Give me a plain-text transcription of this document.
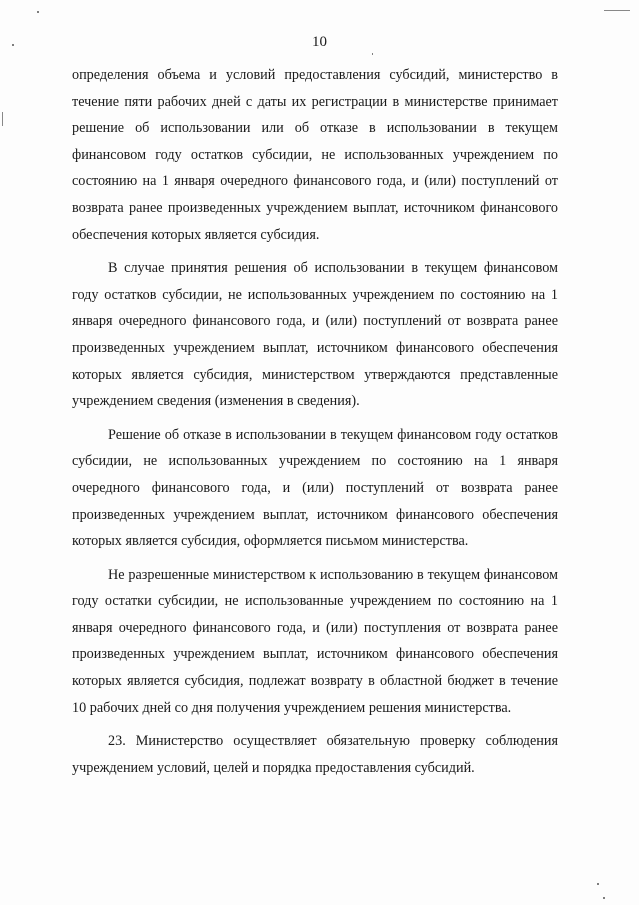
10

определения объема и условий предоставления субсидий, министерство в течение пяти рабочих дней с даты их регистрации в министерстве принимает решение об использовании или об отказе в использовании в текущем финансовом году остатков субсидии, не использованных учреждением по состоянию на 1 января очередного финансового года, и (или) поступлений от возврата ранее произведенных учреждением выплат, источником финансового обеспечения которых является субсидия.

В случае принятия решения об использовании в текущем финансовом году остатков субсидии, не использованных учреждением по состоянию на 1 января очередного финансового года, и (или) поступлений от возврата ранее произведенных учреждением выплат, источником финансового обеспечения которых является субсидия, министерством утверждаются представленные учреждением сведения (изменения в сведения).

Решение об отказе в использовании в текущем финансовом году остатков субсидии, не использованных учреждением по состоянию на 1 января очередного финансового года, и (или) поступлений от возврата ранее произведенных учреждением выплат, источником финансового обеспечения которых является субсидия, оформляется письмом министерства.

Не разрешенные министерством к использованию в текущем финансовом году остатки субсидии, не использованные учреждением по состоянию на 1 января очередного финансового года, и (или) поступления от возврата ранее произведенных учреждением выплат, источником финансового обеспечения которых является субсидия, подлежат возврату в областной бюджет в течение 10 рабочих дней со дня получения учреждением решения министерства.

23. Министерство осуществляет обязательную проверку соблюдения учреждением условий, целей и порядка предоставления субсидий.
